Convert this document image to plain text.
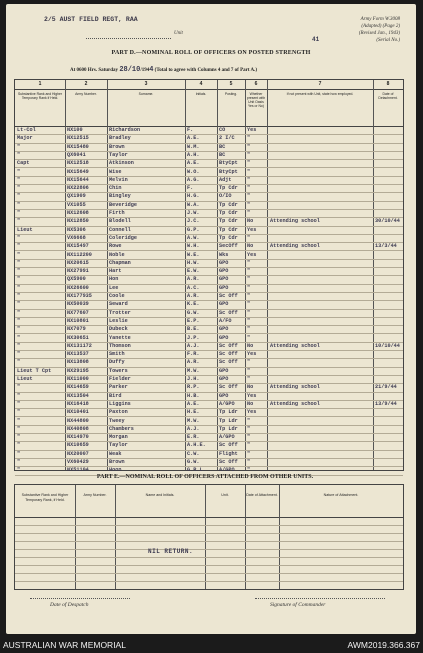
2/5 AUST FIELD REGT, RAA
Unit
Army Form W.3008
(Adapted) (Page 2)
(Revised Jan., 1943)
(Serial No.)
41
PART D.—NOMINAL ROLL OF OFFICERS ON POSTED STRENGTH
At 0600 Hrs. Saturday 28/10/1944 (Total to agree with Columns 4 and 7 of Part A.)
1	2	3	4	5	6	7	8
Substantive Rank and Higher Temporary Rank if Held.
Army Number.	Surname.	Initials.	Posting.	Whether present with Unit Oasis Yes or No)
If not present with Unit, state how employed.	Date of Detachment.
Lt-Col	NX100	Richardson	F.	CO	Yes
Major	NX12515	Bradley	A.E.	2 I/C	"
"	NX15480	Brown	W.M.	BC	"
"	QX6041	Taylor	A.H.	BC	"
Capt	NX12518	Atkinson	A.E.	BtyCpt	"
"	NX15649	Wise	W.O.	BtyCpt	"
"	NX15644	Melvin	A.G.	Adjt	"
"	NX22806	Chin	F.	Tp Cdr	"
"	QX1909	Bingley	H.G.	O/IO	"
"	VX1055	Beveridge	W.A.	Tp Cdr	"
"	NX12608	Firth	J.W.	Tp Cdr	"
"	NX12850	Blodell	J.C.	Tp Cdr	No	Attending school	30/10/44
Lieut	NX5306	Connell	G.P.	Tp Cdr	Yes
"	VX6668	Coleridge	A.W.	Tp Cdr	"
"	NX15497	Rowe	W.H.	SecOff	No	Attending school	13/3/44
"	NX112200	Noble	W.E.	Wks	Yes
"	NX20615	Chapman	H.W.	GPO	"
"	NX27991	Hart	E.W.	GPO	"
"	QX5900	Hon	A.R.	GPO	"
"	NX26600	Lee	A.C.	GPO	"
"	NX177935	Coole	A.R.	Sc Off	"
"	NX50039	Seward	K.E.	GPO	"
"	NX77607	Trotter	G.W.	Sc Off	"
"	NX10801	Leslie	E.P.	A/FO	"
"	NX7079	Dubeck	B.E.	GPO	"
"	NX30651	Yanette	J.P.	GPO	"
"	NX131172	Thomson	A.J.	Sc Off	No	Attending school	10/10/44
"	NX13537	Smith	F.R.	Sc Off	Yes
"	NX13808	Duffy	A.R.	Sc Off	"
Lieut T Cpt	NX29195	Towers	M.W.	GPO	"
Lieut	NX11000	Fielder	J.H.	GPO	"
"	NX14659	Parker	R.P.	Sc Off	No	Attending school	21/9/44
"	NX13504	Bird	H.B.	GPO	Yes
"	NX16418	Liggins	A.E.	A/GPO	No	Attending school	13/9/44
"	NX10401	Paxton	H.E.	Tp Ldr	Yes
"	NX44800	Tweey	M.W.	Tp Ldr	"
"	NX40808	Chambers	A.J.	Tp Ldr	"
"	NX14970	Morgan	E.R.	A/GPO	"
"	NX10659	Taylor	A.H.E.	Sc Off	"
"	NX20007	Weak	C.W.	Flight	"
"	VX60429	Brown	G.W.	Sc Off	"
"	NX51104	Hoon	G.R.L.	A/GPO	"
PART E.—NOMINAL ROLL OF OFFICERS ATTACHED FROM OTHER UNITS.
Substantive Rank and Higher Temporary Rank, if Held.
Army Number.	Name and Initials.	Unit.	Date of Attachment.	Nature of Attachment.
NIL RETURN.
Date of Despatch	Signature of Commander
AUSTRALIAN WAR MEMORIAL	AWM2019.366.367
